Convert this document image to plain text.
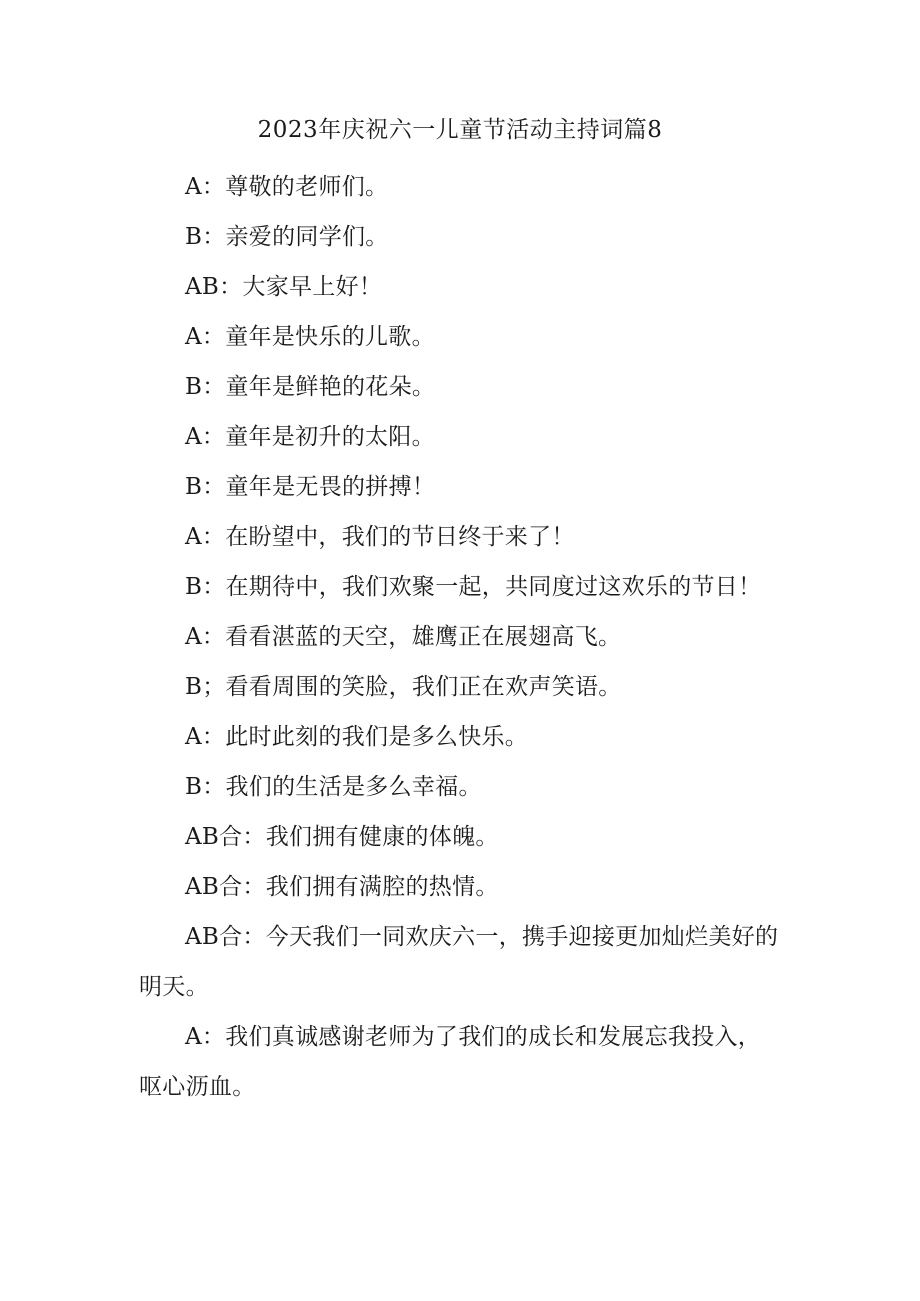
2023年庆祝六一儿童节活动主持词篇8

A：尊敬的老师们。

B：亲爱的同学们。

AB：大家早上好！

A：童年是快乐的儿歌。

B：童年是鲜艳的花朵。

A：童年是初升的太阳。

B：童年是无畏的拼搏！

A：在盼望中，我们的节日终于来了！

B：在期待中，我们欢聚一起，共同度过这欢乐的节日！

A：看看湛蓝的天空，雄鹰正在展翅高飞。

B；看看周围的笑脸，我们正在欢声笑语。

A：此时此刻的我们是多么快乐。

B：我们的生活是多么幸福。

AB合：我们拥有健康的体魄。

AB合：我们拥有满腔的热情。

AB合：今天我们一同欢庆六一，携手迎接更加灿烂美好的明天。

A：我们真诚感谢老师为了我们的成长和发展忘我投入，呕心沥血。
